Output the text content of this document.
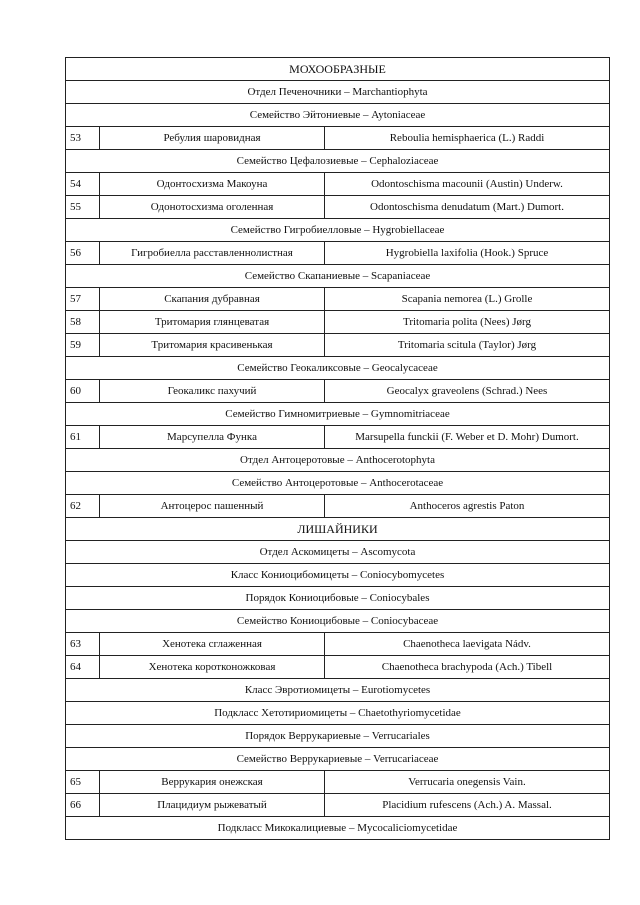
МОХООБРАЗНЫЕ		
Отдел Печеночники – Marchantiophyta		
Семейство Эйтониевые – Aytoniaceae		
53	Ребулия шаровидная	Reboulia hemisphaerica (L.) Raddi
Семейство Цефалозиевые – Cephaloziaceae		
54	Одонтосхизма Макоуна	Odontoschisma macounii (Austin) Underw.
55	Одонотосхизма оголенная	Odontoschisma denudatum (Mart.) Dumort.
Семейство Гигробиелловые – Hygrobiellaceae		
56	Гигробиелла расставленнолистная	Hygrobiella laxifolia (Hook.) Spruce
Семейство Скапаниевые – Scapaniaceae		
57	Скапания дубравная	Scapania nemorea (L.) Grolle
58	Тритомария глянцеватая	Tritomaria polita (Nees) Jørg
59	Тритомария красивенькая	Tritomaria scitula (Taylor) Jørg
Семейство Геокаликсовые – Geocalycaceae		
60	Геокаликс пахучий	Geocalyx graveolens (Schrad.) Nees
Семейство Гимномитриевые – Gymnomitriaceae		
61	Марсупелла Функа	Marsupella funckii (F. Weber et D. Mohr) Dumort.
Отдел Антоцеротовые – Anthocerotophyta		
Семейство Антоцеротовые – Anthocerotaceae		
62	Антоцерос пашенный	Anthoceros agrestis Paton
ЛИШАЙНИКИ		
Отдел Аскомицеты – Ascomycota		
Класс Кониоцибомицеты – Coniocybomycetes		
Порядок Кониоцибовые – Coniocybales		
Семейство Кониоцибовые – Coniocybaceae		
63	Хенотека сглаженная	Chaenotheca laevigata Nádv.
64	Хенотека коротконожковая	Chaenotheca brachypoda (Ach.) Tibell
Класс Эвротиомицеты – Eurotiomycetes		
Подкласс Хетотириомицеты – Chaetothyriomycetidae		
Порядок Веррукариевые – Verrucariales		
Семейство Веррукариевые – Verrucariaceae		
65	Веррукария онежская	Verrucaria onegensis Vain.
66	Плацидиум рыжеватый	Placidium rufescens (Ach.) A. Massal.
Подкласс Микокалициевые – Mycocaliciomycetidae		
